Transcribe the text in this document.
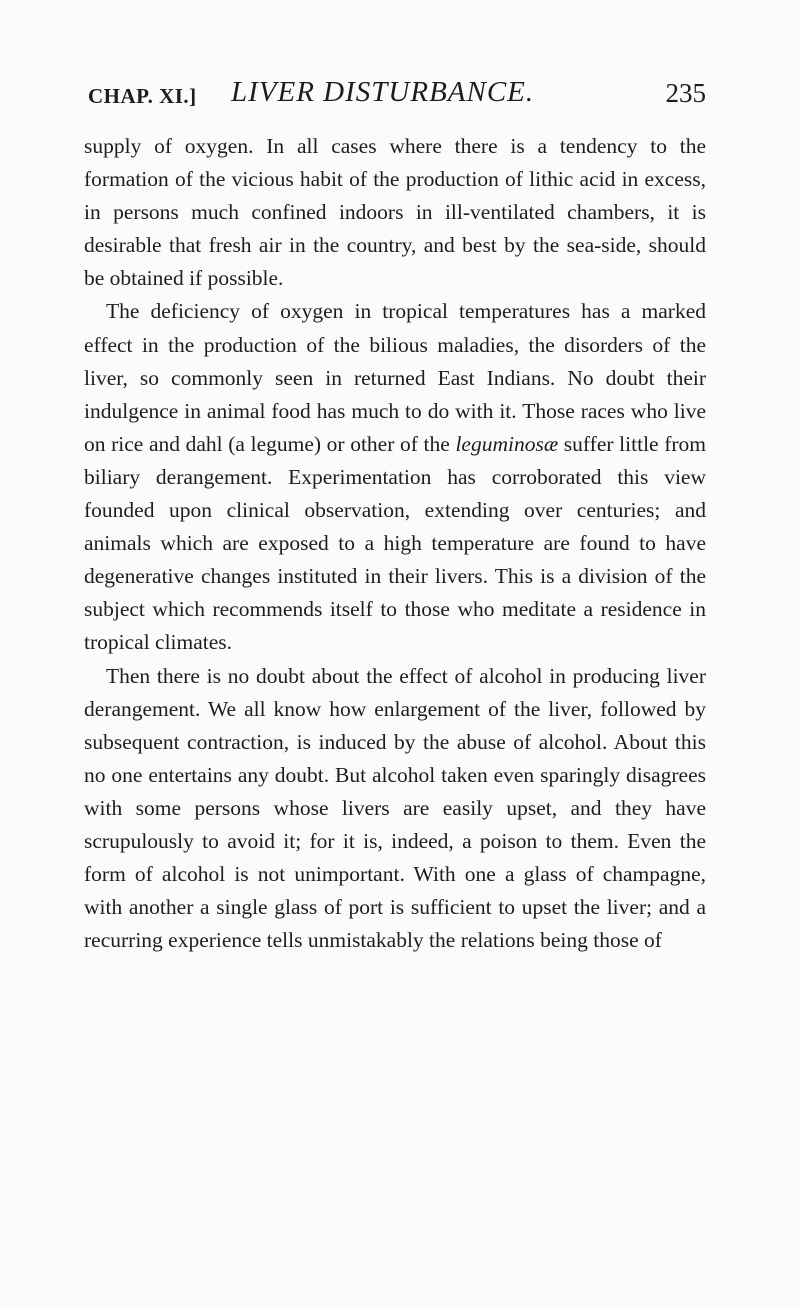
CHAP. XI.] LIVER DISTURBANCE.	235

supply of oxygen. In all cases where there is a tendency to the formation of the vicious habit of the production of lithic acid in excess, in persons much confined indoors in ill-ventilated chambers, it is desirable that fresh air in the country, and best by the sea-side, should be obtained if possible.

The deficiency of oxygen in tropical temperatures has a marked effect in the production of the bilious maladies, the disorders of the liver, so commonly seen in returned East Indians. No doubt their indulgence in animal food has much to do with it. Those races who live on rice and dahl (a legume) or other of the leguminosæ suffer little from biliary derangement. Experimentation has corroborated this view founded upon clinical observation, extending over centuries; and animals which are exposed to a high temperature are found to have degenerative changes instituted in their livers. This is a division of the subject which recommends itself to those who meditate a residence in tropical climates.

Then there is no doubt about the effect of alcohol in producing liver derangement. We all know how enlargement of the liver, followed by subsequent contraction, is induced by the abuse of alcohol. About this no one entertains any doubt. But alcohol taken even sparingly disagrees with some persons whose livers are easily upset, and they have scrupulously to avoid it; for it is, indeed, a poison to them. Even the form of alcohol is not unimportant. With one a glass of champagne, with another a single glass of port is sufficient to upset the liver; and a recurring experience tells unmistakably the relations being those of
